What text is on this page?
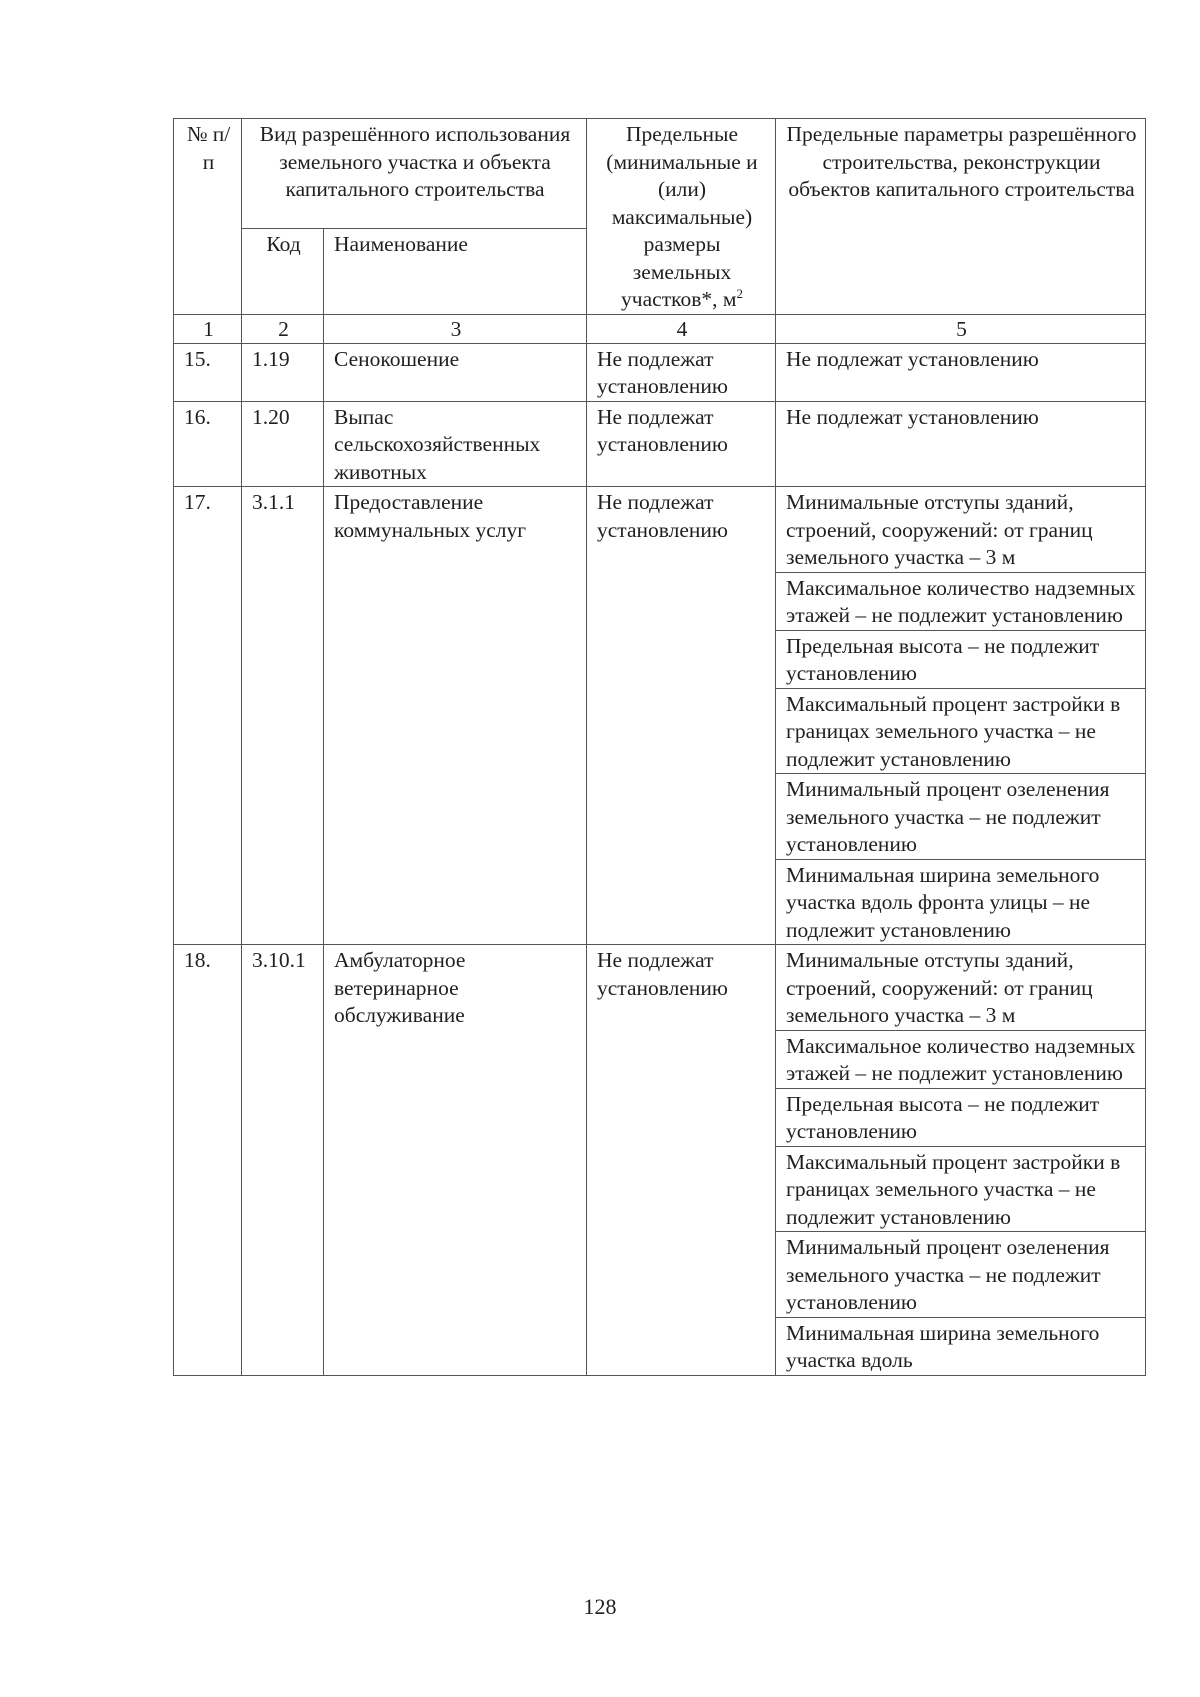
№ п/п	Вид разрешённого использования земельного участка и объекта капитального строительства		Предельные (минимальные и (или) максимальные) размеры земельных участков*, $м^2$	Предельные параметры разрешённого строительства, реконструкции объектов капитального строительства
	Код	Наименование		
1	2	3	4	5
15.	1.19	Сенокошение	Не подлежат установлению	Не подлежат установлению
16.	1.20	Выпас сельскохозяйственных животных	Не подлежат установлению	Не подлежат установлению
17.	3.1.1	Предоставление коммунальных услуг	Не подлежат установлению	Минимальные отступы зданий, строений, сооружений: от границ земельного участка – 3 м
				Максимальное количество надземных этажей – не подлежит установлению
				Предельная высота – не подлежит установлению
				Максимальный процент застройки в границах земельного участка – не подлежит установлению
				Минимальный процент озеленения земельного участка – не подлежит установлению
				Минимальная ширина земельного участка вдоль фронта улицы – не подлежит установлению
18.	3.10.1	Амбулаторное ветеринарное обслуживание	Не подлежат установлению	Минимальные отступы зданий, строений, сооружений: от границ земельного участка – 3 м
				Максимальное количество надземных этажей – не подлежит установлению
				Предельная высота – не подлежит установлению
				Максимальный процент застройки в границах земельного участка – не подлежит установлению
				Минимальный процент озеленения земельного участка – не подлежит установлению
				Минимальная ширина земельного участка вдоль
128
